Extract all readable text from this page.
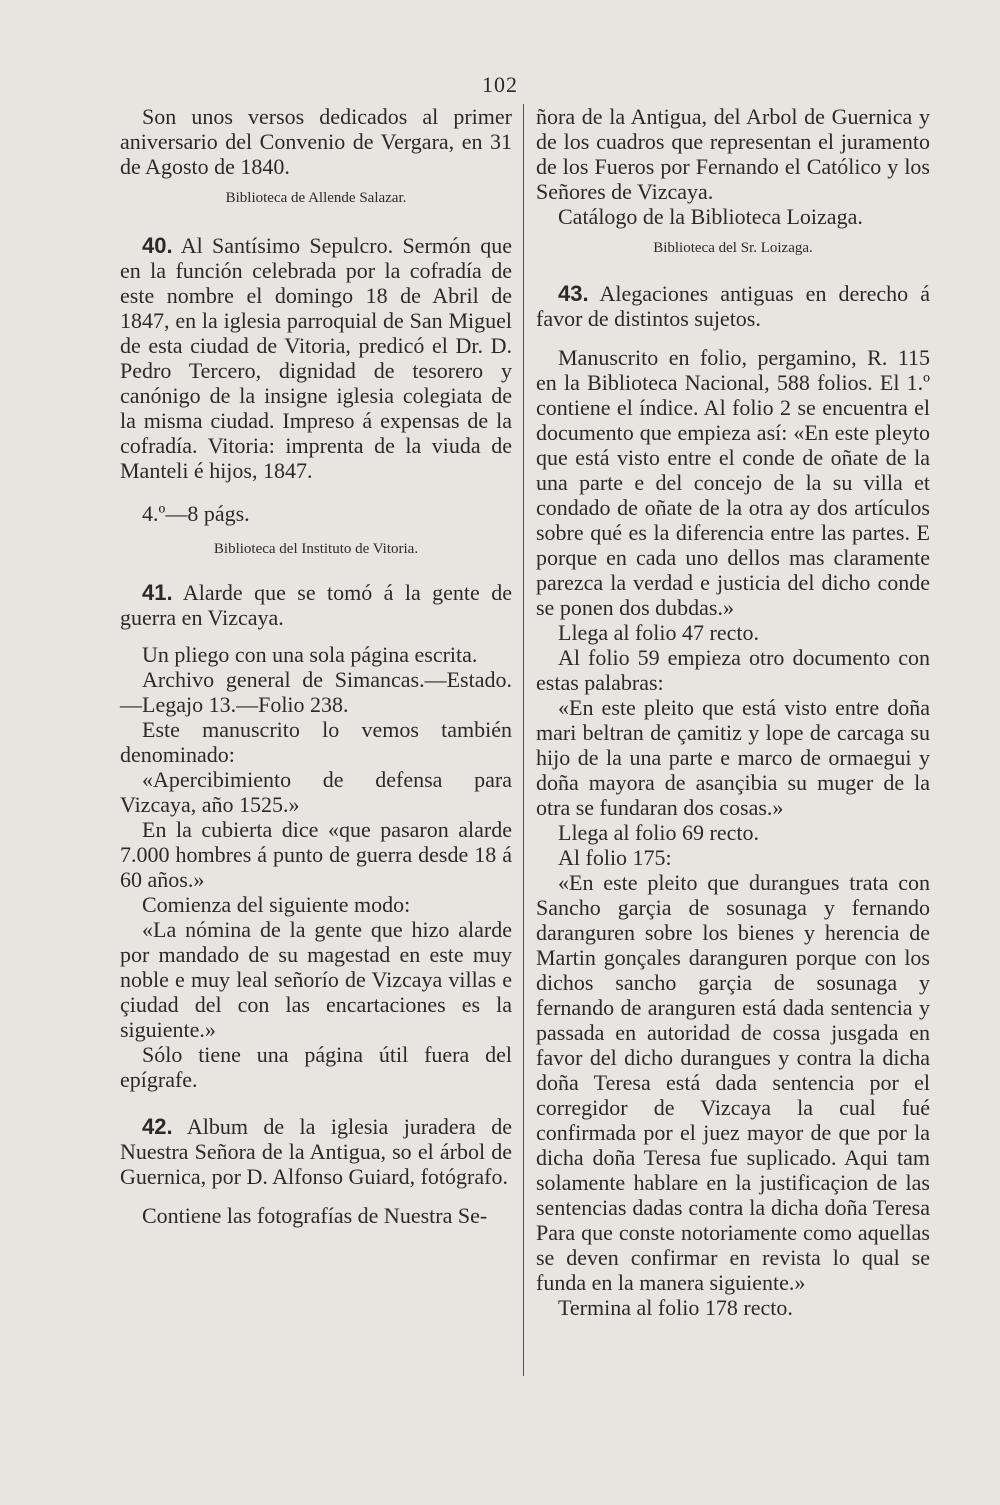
102

Son unos versos dedicados al primer aniversario del Convenio de Vergara, en 31 de Agosto de 1840.

Biblioteca de Allende Salazar.

40. Al Santísimo Sepulcro. Sermón que en la función celebrada por la cofradía de este nombre el domingo 18 de Abril de 1847, en la iglesia parroquial de San Miguel de esta ciudad de Vitoria, predicó el Dr. D. Pedro Tercero, dignidad de tesorero y canónigo de la insigne iglesia colegiata de la misma ciudad. Impreso á expensas de la cofradía. Vitoria: imprenta de la viuda de Manteli é hijos, 1847.

4.º—8 págs.

Biblioteca del Instituto de Vitoria.

41. Alarde que se tomó á la gente de guerra en Vizcaya.

Un pliego con una sola página escrita.

Archivo general de Simancas.—Estado. —Legajo 13.—Folio 238.

Este manuscrito lo vemos también denominado:

«Apercibimiento de defensa para Vizcaya, año 1525.»

En la cubierta dice «que pasaron alarde 7.000 hombres á punto de guerra desde 18 á 60 años.»

Comienza del siguiente modo:

«La nómina de la gente que hizo alarde por mandado de su magestad en este muy noble e muy leal señorío de Vizcaya villas e çiudad del con las encartaciones es la siguiente.»

Sólo tiene una página útil fuera del epígrafe.

42. Album de la iglesia juradera de Nuestra Señora de la Antigua, so el árbol de Guernica, por D. Alfonso Guiard, fotógrafo.

Contiene las fotografías de Nuestra Se-

ñora de la Antigua, del Arbol de Guernica y de los cuadros que representan el juramento de los Fueros por Fernando el Católico y los Señores de Vizcaya.

Catálogo de la Biblioteca Loizaga.

Biblioteca del Sr. Loizaga.

43. Alegaciones antiguas en derecho á favor de distintos sujetos.

Manuscrito en folio, pergamino, R. 115 en la Biblioteca Nacional, 588 folios. El 1.º contiene el índice. Al folio 2 se encuentra el documento que empieza así: «En este pleyto que está visto entre el conde de oñate de la una parte e del concejo de la su villa et condado de oñate de la otra ay dos artículos sobre qué es la diferencia entre las partes. E porque en cada uno dellos mas claramente parezca la verdad e justicia del dicho conde se ponen dos dubdas.»

Llega al folio 47 recto.

Al folio 59 empieza otro documento con estas palabras:

«En este pleito que está visto entre doña mari beltran de çamitiz y lope de carcaga su hijo de la una parte e marco de ormaegui y doña mayora de asançibia su muger de la otra se fundaran dos cosas.»

Llega al folio 69 recto.

Al folio 175:

«En este pleito que durangues trata con Sancho garçia de sosunaga y fernando daranguren sobre los bienes y herencia de Martin gonçales daranguren porque con los dichos sancho garçia de sosunaga y fernando de aranguren está dada sentencia y passada en autoridad de cossa jusgada en favor del dicho durangues y contra la dicha doña Teresa está dada sentencia por el corregidor de Vizcaya la cual fué confirmada por el juez mayor de que por la dicha doña Teresa fue suplicado. Aqui tam solamente hablare en la justificaçion de las sentencias dadas contra la dicha doña Teresa Para que conste notoriamente como aquellas se deven confirmar en revista lo qual se funda en la manera siguiente.»

Termina al folio 178 recto.
